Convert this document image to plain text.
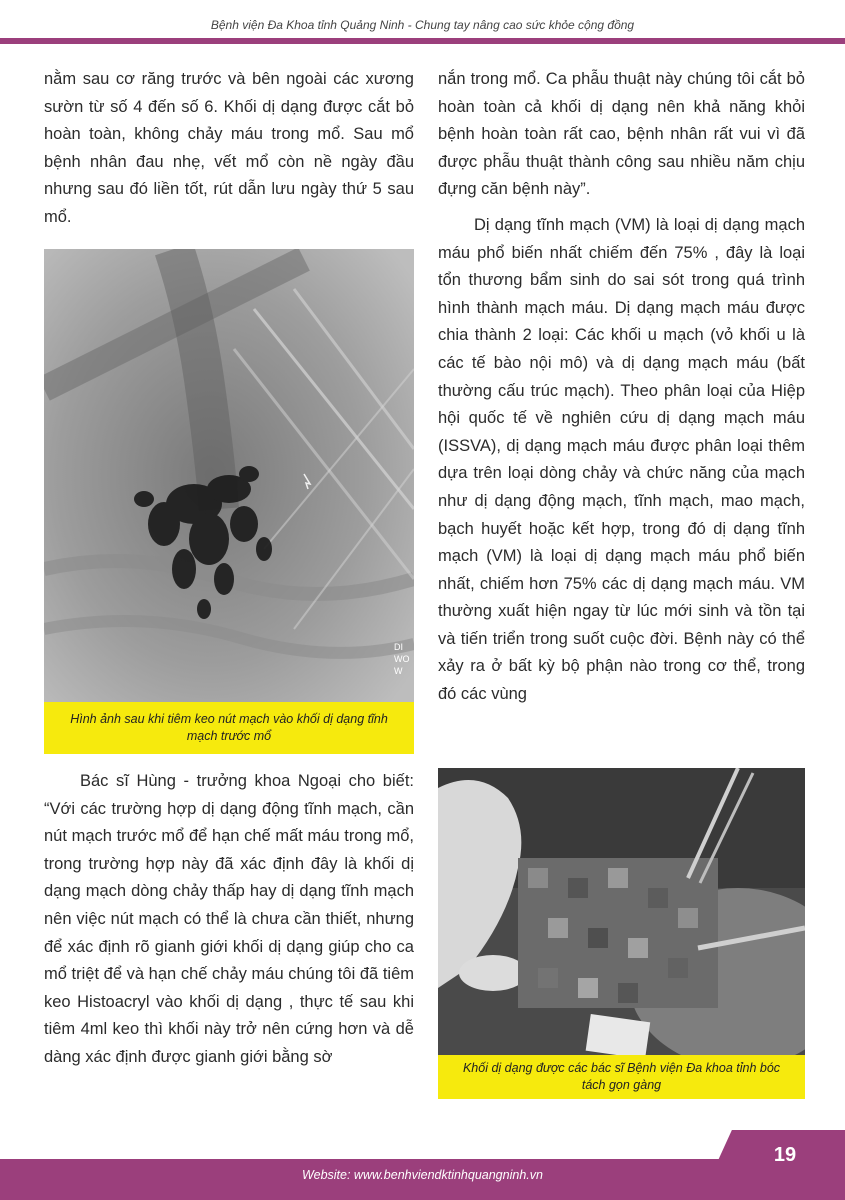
Bệnh viện Đa Khoa tỉnh Quảng Ninh - Chung tay nâng cao sức khỏe cộng đồng

nằm sau cơ răng trước và bên ngoài các xương sườn từ số 4 đến số 6. Khối dị dạng được cắt bỏ hoàn toàn, không chảy máu trong mổ. Sau mổ bệnh nhân đau nhẹ, vết mổ còn nề ngày đầu nhưng sau đó liền tốt, rút dẫn lưu ngày thứ 5 sau mổ.

DI
WO
W
Hình ảnh sau khi tiêm keo nút mạch vào khối dị dạng tĩnh mạch trước mổ

Bác sĩ Hùng - trưởng khoa Ngoại cho biết: “Với các trường hợp dị dạng động tĩnh mạch, cần nút mạch trước mổ để hạn chế mất máu trong mổ, trong trường hợp này đã xác định đây là khối dị dạng mạch dòng chảy thấp hay dị dạng tĩnh mạch nên việc nút mạch có thể là chưa cần thiết, nhưng để xác định rõ gianh giới khối dị dạng giúp cho ca mổ triệt để và hạn chế chảy máu chúng tôi đã tiêm keo Histoacryl vào khối dị dạng , thực tế sau khi tiêm 4ml keo thì khối này trở nên cứng hơn và dễ dàng xác định được gianh giới bằng sờ

nắn trong mổ. Ca phẫu thuật này chúng tôi cắt bỏ hoàn toàn cả khối dị dạng nên khả năng khỏi bệnh hoàn toàn rất cao, bệnh nhân rất vui vì đã được phẫu thuật thành công sau nhiều năm chịu đựng căn bệnh này”.

Dị dạng tĩnh mạch (VM) là loại dị dạng mạch máu phổ biến nhất chiếm đến 75% , đây là loại tổn thương bẩm sinh do sai sót trong quá trình hình thành mạch máu. Dị dạng mạch máu được chia thành 2 loại: Các khối u mạch (vỏ khối u là các tế bào nội mô) và dị dạng mạch máu (bất thường cấu trúc mạch). Theo phân loại của Hiệp hội quốc tế về nghiên cứu dị dạng mạch máu (ISSVA), dị dạng mạch máu được phân loại thêm dựa trên loại dòng chảy và chức năng của mạch như dị dạng động mạch, tĩnh mạch, mao mạch, bạch huyết hoặc kết hợp, trong đó dị dạng tĩnh mạch (VM) là loại dị dạng mạch máu phổ biến nhất, chiếm hơn 75% các dị dạng mạch máu. VM thường xuất hiện ngay từ lúc mới sinh và tồn tại và tiến triển trong suốt cuộc đời. Bệnh này có thể xảy ra ở bất kỳ bộ phận nào trong cơ thể, trong đó các vùng

Khối dị dạng được các bác sĩ Bệnh viện Đa khoa tỉnh bóc tách gọn gàng
Website: www.benhviendktinhquangninh.vn
19
